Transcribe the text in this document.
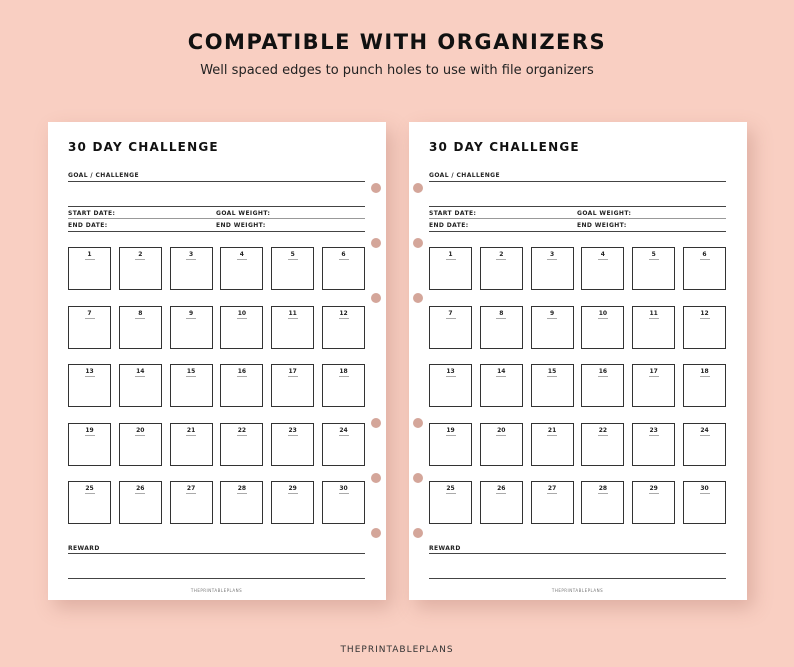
COMPATIBLE WITH ORGANIZERS
Well spaced edges to punch holes to use with file organizers
30 DAY CHALLENGE
GOAL / CHALLENGE
START DATE:	GOAL WEIGHT:
END DATE:	END WEIGHT:
1	2	3	4	5	6
7	8	9	10	11	12
13	14	15	16	17	18
19	20	21	22	23	24
25	26	27	28	29	30
REWARD
THEPRINTABLEPLANS
30 DAY CHALLENGE
GOAL / CHALLENGE
START DATE:	GOAL WEIGHT:
END DATE:	END WEIGHT:
1	2	3	4	5	6
7	8	9	10	11	12
13	14	15	16	17	18
19	20	21	22	23	24
25	26	27	28	29	30
REWARD
THEPRINTABLEPLANS
THEPRINTABLEPLANS
